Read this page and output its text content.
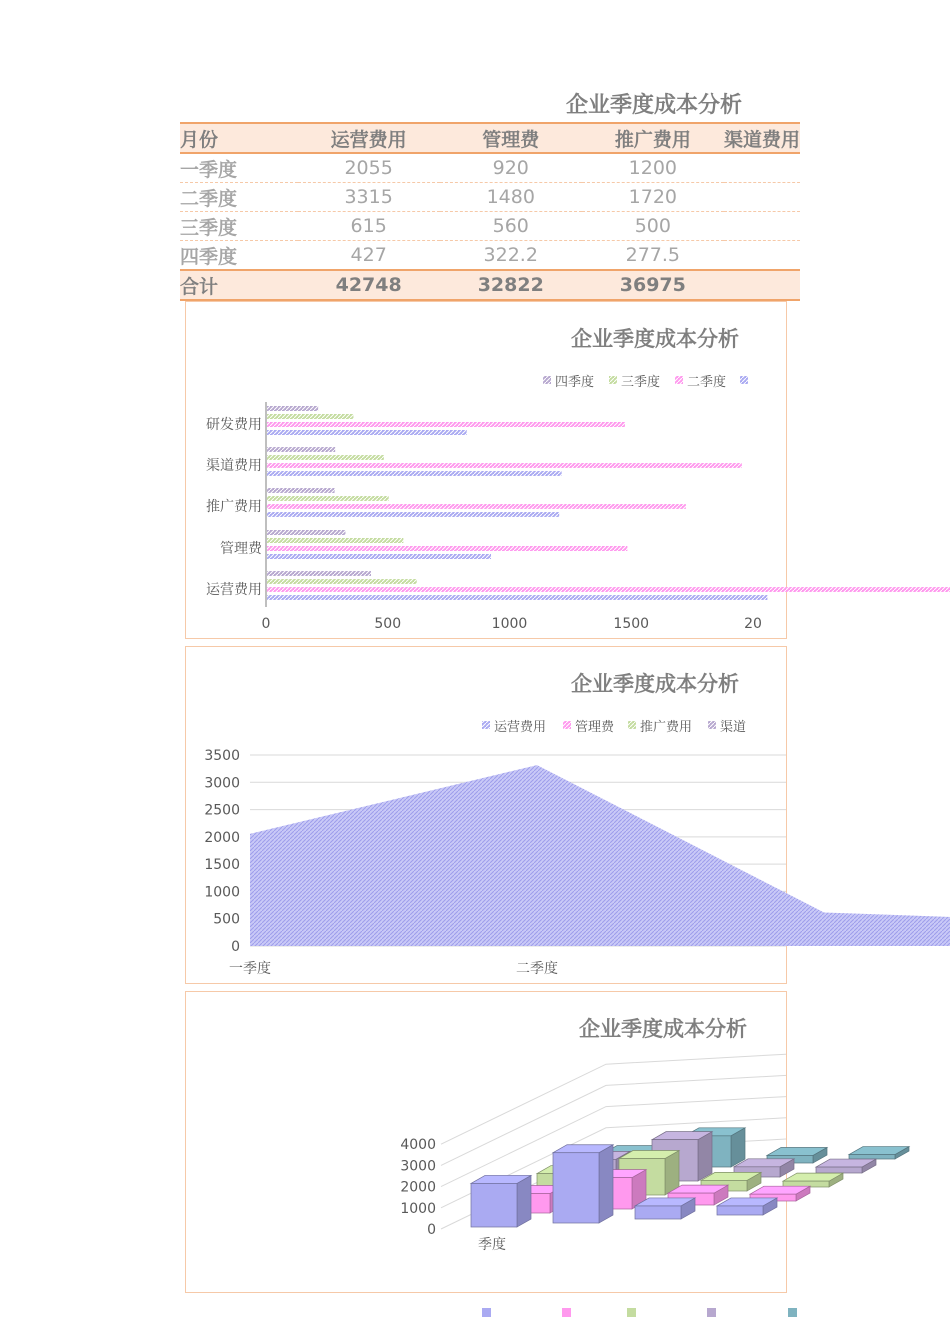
企业季度成本分析
月份	运营费用	管理费	推广费用	渠道费用
一季度	2055	920	1200	
二季度	3315	1480	1720	
三季度	615	560	500	
四季度	427	322.2	277.5	
合计	42748	32822	36975	
企业季度成本分析
四季度 三季度 二季度
运营费用
管理费
推广费用
渠道费用
研发费用
0	500	1000	1500	20
企业季度成本分析
运营费用 管理费 推广费用 渠道
3500
3000
2500
2000
1500
1000
500
0
一季度	二季度
企业季度成本分析
4000
3000
2000
1000
0
季度
